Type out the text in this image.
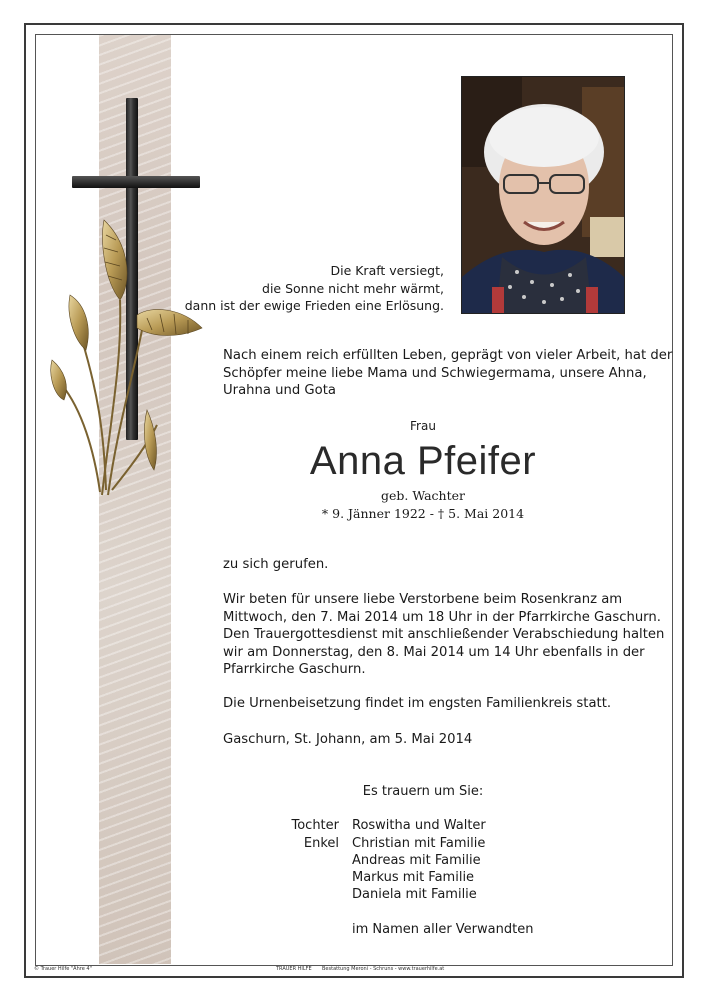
Die Kraft versiegt,
die Sonne nicht mehr wärmt,
dann ist der ewige Frieden eine Erlösung.
Nach einem reich erfüllten Leben, geprägt von vieler Arbeit, hat der
Schöpfer meine liebe Mama und Schwiegermama, unsere Ahna,
Urahna und Gota
Frau
Anna Pfeifer
geb. Wachter
* 9. Jänner 1922 - † 5. Mai 2014
zu sich gerufen.
Wir beten für unsere liebe Verstorbene beim Rosenkranz am
Mittwoch, den 7. Mai 2014 um 18 Uhr in der Pfarrkirche Gaschurn.
Den Trauergottesdienst mit anschließender Verabschiedung halten
wir am Donnerstag, den 8. Mai 2014 um 14 Uhr ebenfalls in der
Pfarrkirche Gaschurn.
Die Urnenbeisetzung findet im engsten Familienkreis statt.
Gaschurn, St. Johann, am 5. Mai 2014
Es trauern um Sie:
Tochter Roswitha und Walter
Enkel Christian mit Familie
Andreas mit Familie
Markus mit Familie
Daniela mit Familie
im Namen aller Verwandten
© Trauer Hilfe "Ähre 4"	TRAUER HILFE Bestattung Meroni - Schruns - www.trauerhilfe.at
